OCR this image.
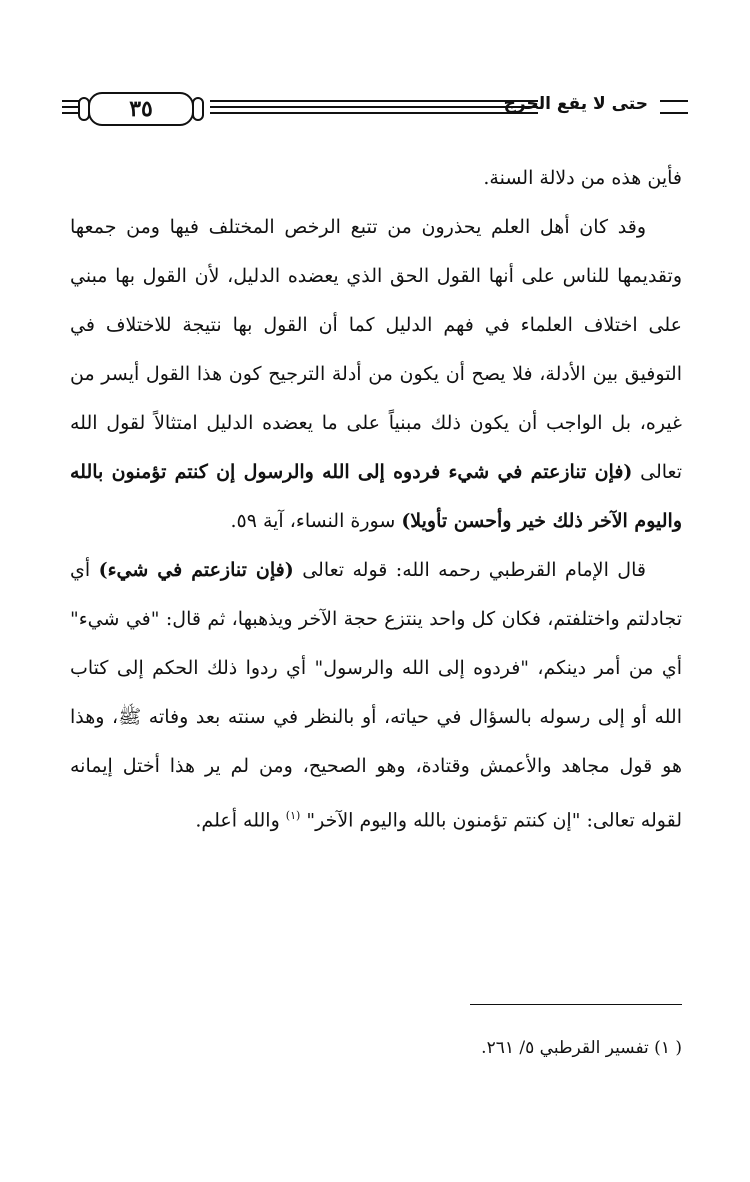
٣٥	حتى لا يقع الحرج

فأين هذه من دلالة السنة.

وقد كان أهل العلم يحذرون من تتبع الرخص المختلف فيها ومن جمعها وتقديمها للناس على أنها القول الحق الذي يعضده الدليل، لأن القول بها مبني على اختلاف العلماء في فهم الدليل كما أن القول بها نتيجة للاختلاف في التوفيق بين الأدلة، فلا يصح أن يكون من أدلة الترجيح كون هذا القول أيسر من غيره، بل الواجب أن يكون ذلك مبنياً على ما يعضده الدليل امتثالاً لقول الله تعالى (فإن تنازعتم في شيء فردوه إلى الله والرسول إن كنتم تؤمنون بالله واليوم الآخر ذلك خير وأحسن تأويلا) سورة النساء، آية ٥٩.

قال الإمام القرطبي رحمه الله: قوله تعالى (فإن تنازعتم في شيء) أي تجادلتم واختلفتم، فكان كل واحد ينتزع حجة الآخر ويذهبها، ثم قال: "في شيء" أي من أمر دينكم، "فردوه إلى الله والرسول" أي ردوا ذلك الحكم إلى كتاب الله أو إلى رسوله بالسؤال في حياته، أو بالنظر في سنته بعد وفاته ﷺ، وهذا هو قول مجاهد والأعمش وقتادة، وهو الصحيح، ومن لم ير هذا أختل إيمانه لقوله تعالى: "إن كنتم تؤمنون بالله واليوم الآخر" $^{(١)}$ والله أعلم.

( ١) تفسير القرطبي ٥/ ٢٦١.
